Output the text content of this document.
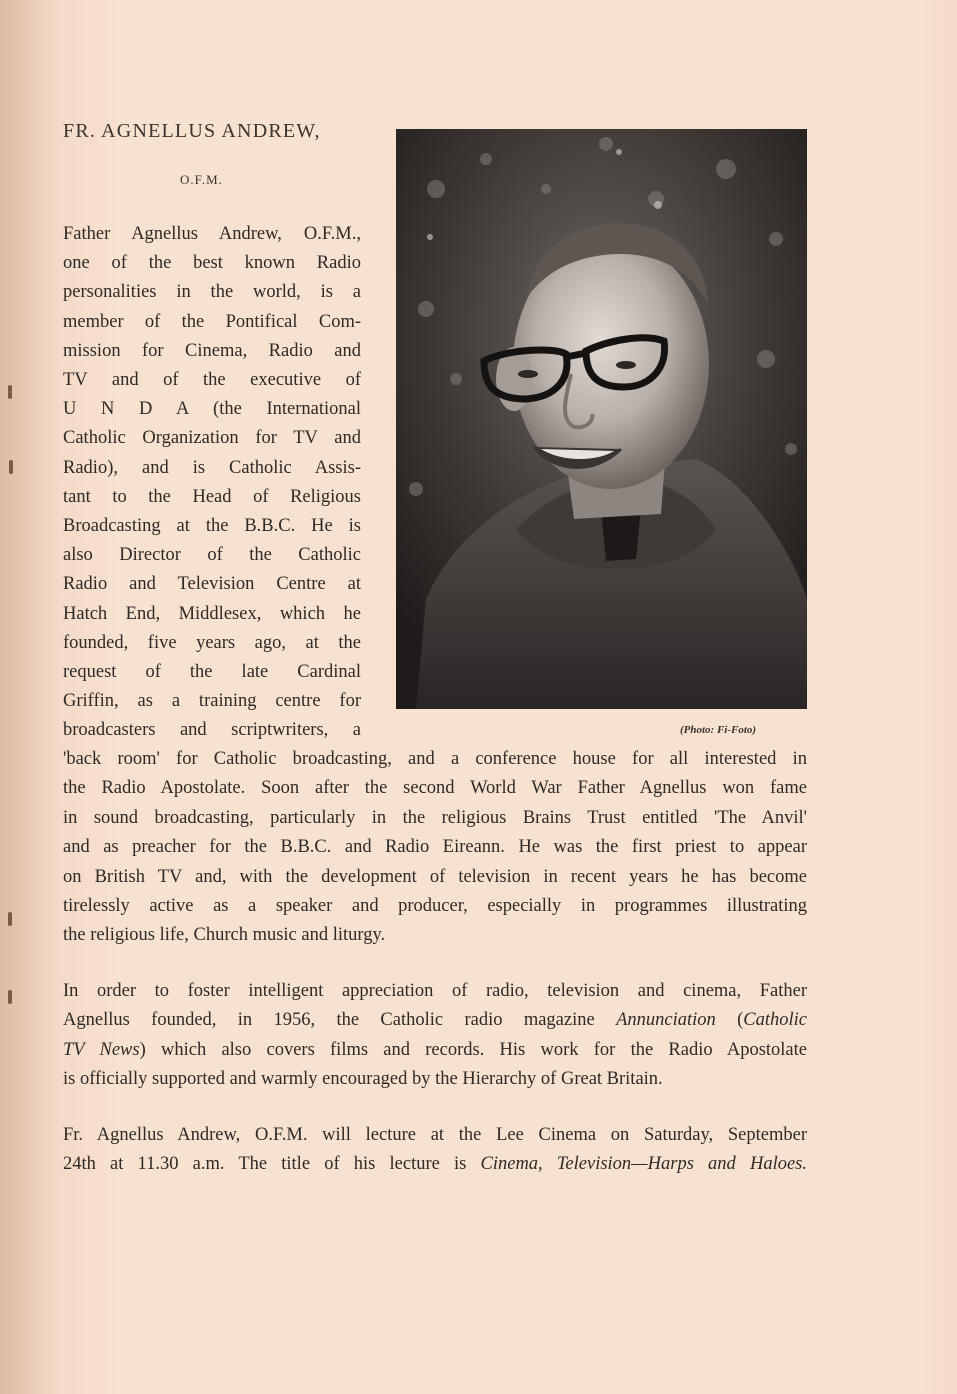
FR. AGNELLUS ANDREW,
O.F.M.
Father Agnellus Andrew, O.F.M.,
one of the best known Radio
personalities in the world, is a
member of the Pontifical Com-
mission for Cinema, Radio and
TV and of the executive of
U N D A (the International
Catholic Organization for TV and
Radio), and is Catholic Assis-
tant to the Head of Religious
Broadcasting at the B.B.C. He is
also Director of the Catholic
Radio and Television Centre at
Hatch End, Middlesex, which he
founded, five years ago, at the
request of the late Cardinal
Griffin, as a training centre for
broadcasters and scriptwriters, a	(Photo: Fi-Foto)
'back room' for Catholic broadcasting, and a conference house for all interested in
the Radio Apostolate. Soon after the second World War Father Agnellus won fame
in sound broadcasting, particularly in the religious Brains Trust entitled 'The Anvil'
and as preacher for the B.B.C. and Radio Eireann. He was the first priest to appear
on British TV and, with the development of television in recent years he has become
tirelessly active as a speaker and producer, especially in programmes illustrating
the religious life, Church music and liturgy.
In order to foster intelligent appreciation of radio, television and cinema, Father
Agnellus founded, in 1956, the Catholic radio magazine Annunciation (Catholic
TV News) which also covers films and records. His work for the Radio Apostolate
is officially supported and warmly encouraged by the Hierarchy of Great Britain.
Fr. Agnellus Andrew, O.F.M. will lecture at the Lee Cinema on Saturday, September
24th at 11.30 a.m. The title of his lecture is Cinema, Television—Harps and Haloes.
